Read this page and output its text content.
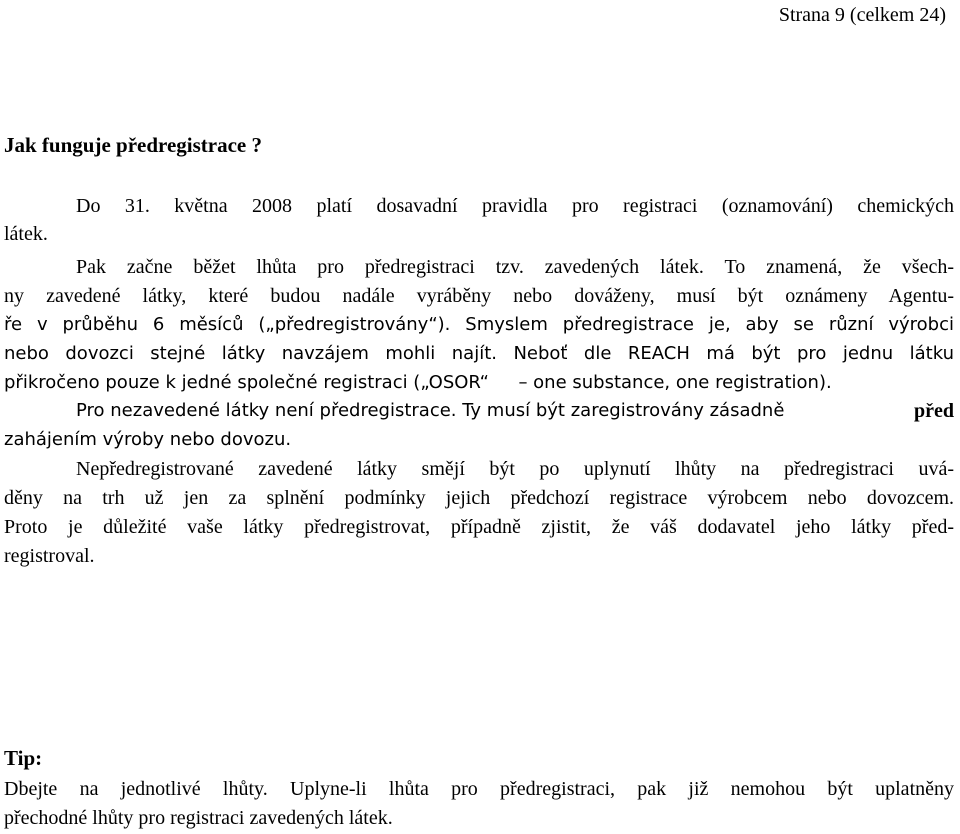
Strana 9 (celkem 24)
Jak funguje předregistrace ?
Do 31. května 2008 platí dosavadní pravidla pro registraci (oznamování) chemických
látek.
Pak začne běžet lhůta pro předregistraci tzv. zavedených látek. To znamená, že všech-
ny zavedené látky, které budou nadále vyráběny nebo dováženy, musí být oznámeny Agentu-
ře v průběhu 6 měsíců („předregistrovány“). Smyslem předregistrace je, aby se různí výrobci
nebo dovozci stejné látky navzájem mohli najít. Neboť dle REACH má být pro jednu látku
přikročeno pouze k jedné společné registraci („OSOR“ – one substance, one registration).
Pro nezavedené látky není předregistrace. Ty musí být zaregistrovány zásadně	před
zahájením výroby nebo dovozu.
Nepředregistrované zavedené látky smějí být po uplynutí lhůty na předregistraci uvá-
děny na trh už jen za splnění podmínky jejich předchozí registrace výrobcem nebo dovozcem.
Proto je důležité vaše látky předregistrovat, případně zjistit, že váš dodavatel jeho látky před-
registroval.
Tip:
Dbejte na jednotlivé lhůty. Uplyne-li lhůta pro předregistraci, pak již nemohou být uplatněny
přechodné lhůty pro registraci zavedených látek.
